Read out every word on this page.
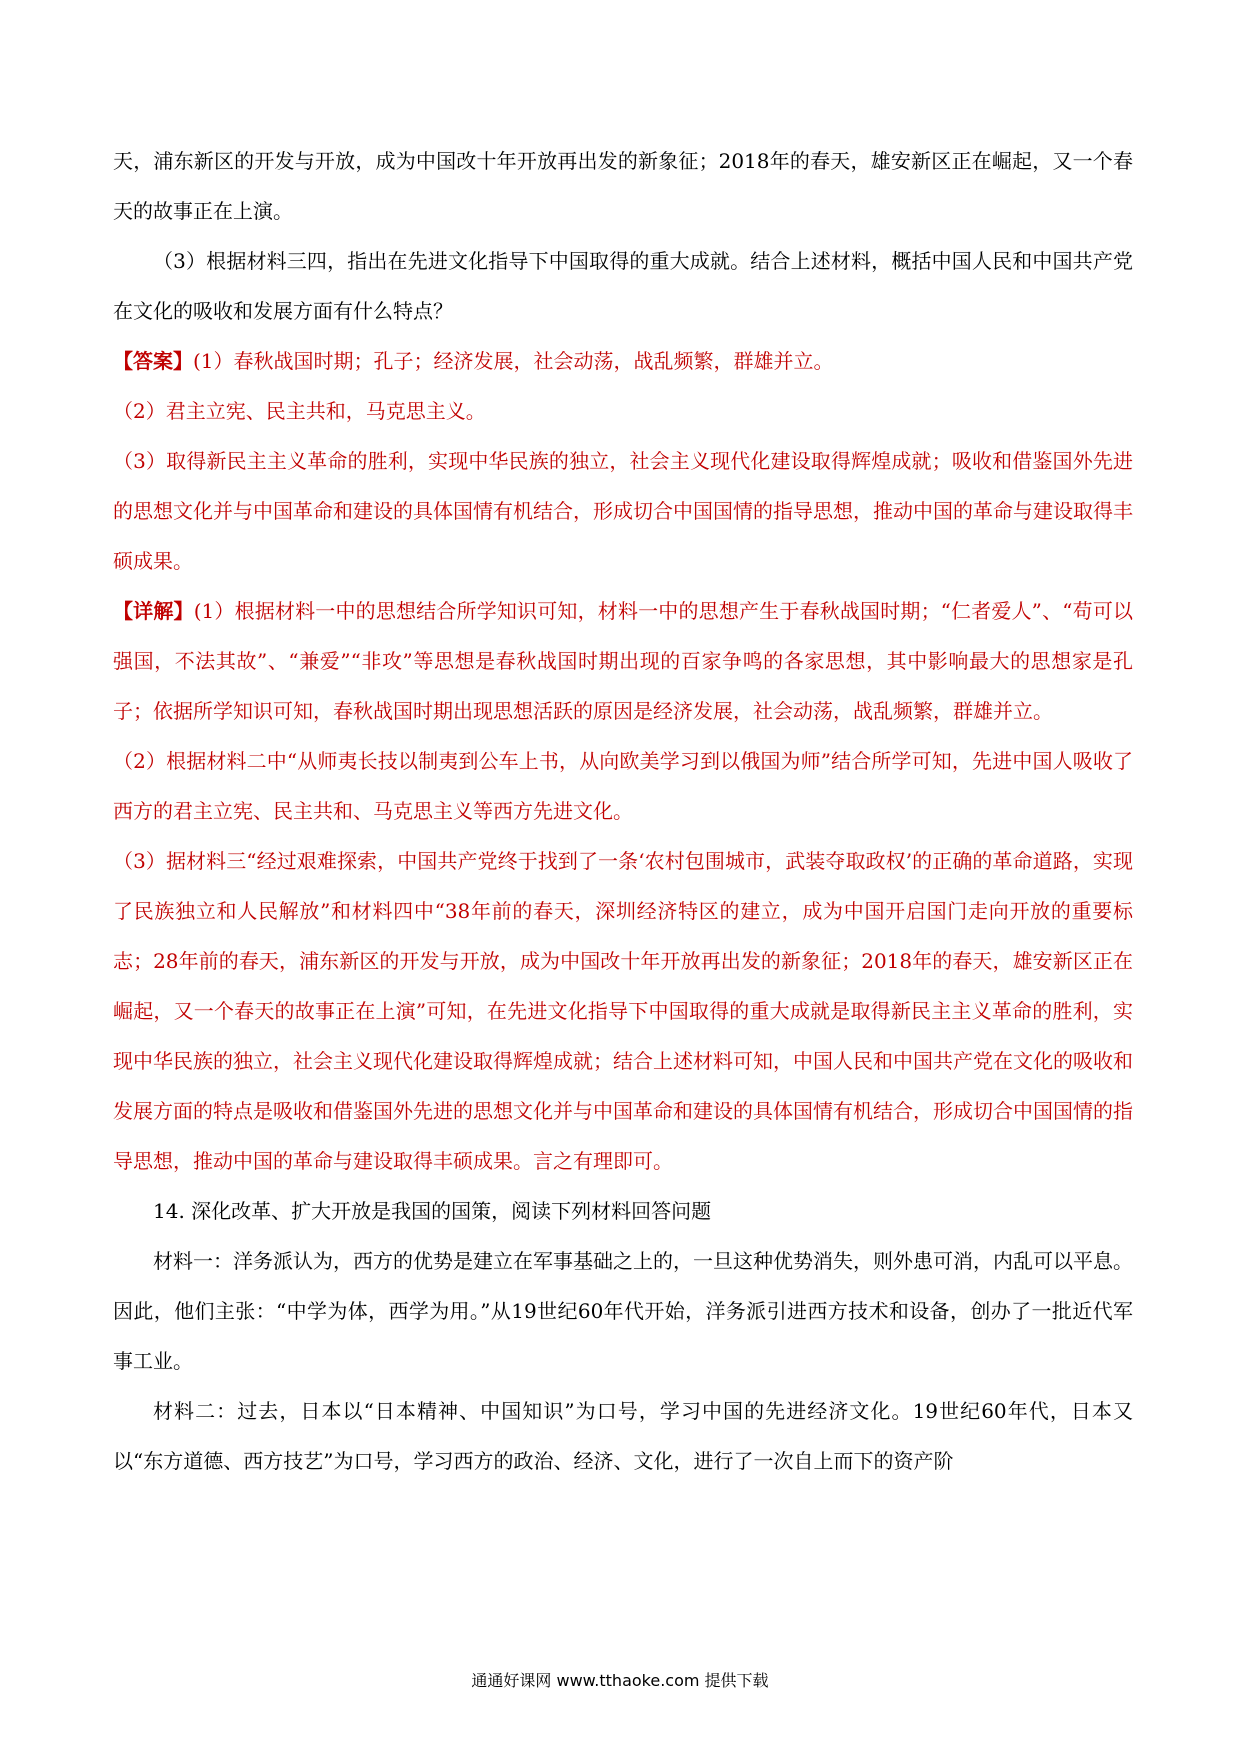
天，浦东新区的开发与开放，成为中国改十年开放再出发的新象征；2018年的春天，雄安新区正在崛起，又一个春天的故事正在上演。

（3）根据材料三四，指出在先进文化指导下中国取得的重大成就。结合上述材料，概括中国人民和中国共产党在文化的吸收和发展方面有什么特点？

【答案】(1）春秋战国时期；孔子；经济发展，社会动荡，战乱频繁，群雄并立。

（2）君主立宪、民主共和，马克思主义。

（3）取得新民主主义革命的胜利，实现中华民族的独立，社会主义现代化建设取得辉煌成就；吸收和借鉴国外先进的思想文化并与中国革命和建设的具体国情有机结合，形成切合中国国情的指导思想，推动中国的革命与建设取得丰硕成果。

【详解】(1）根据材料一中的思想结合所学知识可知，材料一中的思想产生于春秋战国时期；“仁者爱人”、“苟可以强国，不法其故”、“兼爱”“非攻”等思想是春秋战国时期出现的百家争鸣的各家思想，其中影响最大的思想家是孔子；依据所学知识可知，春秋战国时期出现思想活跃的原因是经济发展，社会动荡，战乱频繁，群雄并立。

（2）根据材料二中“从师夷长技以制夷到公车上书，从向欧美学习到以俄国为师”结合所学可知，先进中国人吸收了西方的君主立宪、民主共和、马克思主义等西方先进文化。

（3）据材料三“经过艰难探索，中国共产党终于找到了一条‘农村包围城市，武装夺取政权’的正确的革命道路，实现了民族独立和人民解放”和材料四中“38年前的春天，深圳经济特区的建立，成为中国开启国门走向开放的重要标志；28年前的春天，浦东新区的开发与开放，成为中国改十年开放再出发的新象征；2018年的春天，雄安新区正在崛起，又一个春天的故事正在上演”可知，在先进文化指导下中国取得的重大成就是取得新民主主义革命的胜利，实现中华民族的独立，社会主义现代化建设取得辉煌成就；结合上述材料可知，中国人民和中国共产党在文化的吸收和发展方面的特点是吸收和借鉴国外先进的思想文化并与中国革命和建设的具体国情有机结合，形成切合中国国情的指导思想，推动中国的革命与建设取得丰硕成果。言之有理即可。

14. 深化改革、扩大开放是我国的国策，阅读下列材料回答问题

材料一：洋务派认为，西方的优势是建立在军事基础之上的，一旦这种优势消失，则外患可消，内乱可以平息。因此，他们主张：“中学为体，西学为用。”从19世纪60年代开始，洋务派引进西方技术和设备，创办了一批近代军事工业。

材料二：过去，日本以“日本精神、中国知识”为口号，学习中国的先进经济文化。19世纪60年代，日本又以“东方道德、西方技艺”为口号，学习西方的政治、经济、文化，进行了一次自上而下的资产阶

通通好课网 www.tthaoke.com 提供下载
